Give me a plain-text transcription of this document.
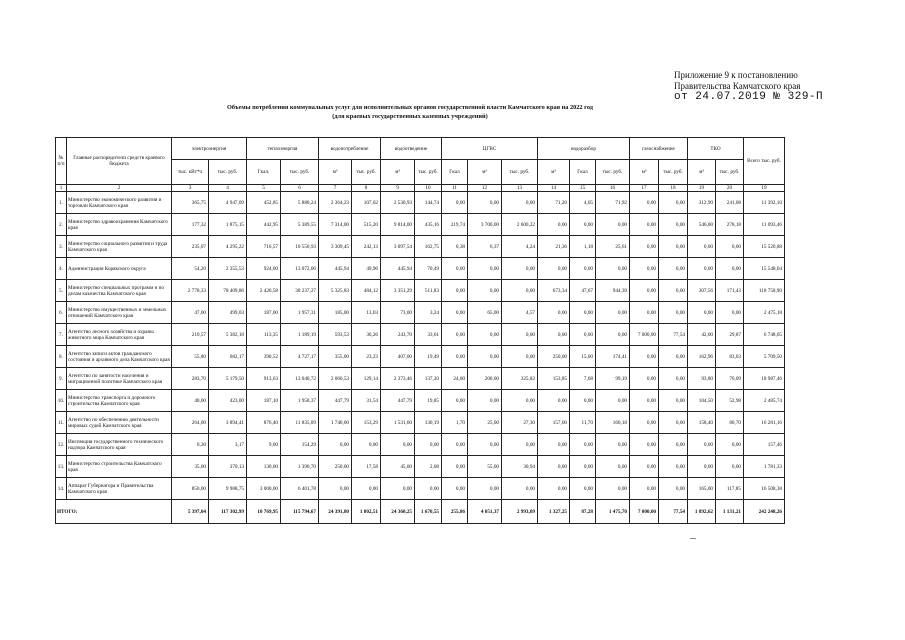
Приложение 9 к постановлению
Правительства Камчатского края
от 24.07.2019 № 329-П
Объемы потребления коммунальных услуг для исполнительных органов государственной власти Камчатского края на 2022 год
(для краевых государственных казенных учреждений)
№ п/п	Главные распорядители средств краевого бюджета	электроэнергия		теплоэнергия		водопотребление		водоотведение		ЦГВС			водоразбор			газоснабжение		ТКО		Всего тыс. руб.
		тыс. кВт*ч	тыс. руб.	Гкал.	тыс. руб.	м³	тыс. руб.	м³	тыс. руб.	Гкал	м³	тыс. руб.	м³	Гкал	тыс. руб.	м³	тыс. руб.	м³	тыс. руб.	
1	2	3	4	5	6	7	8	9	10	11	12	13	14	15	16	17	18	19	20	19
1.	Министерство экономического развития и торговли Камчатского края	365,75	4 947,09	452,85	5 880,24	2 364,23	107,02	2 530,93	144,74	0,00	0,00	0,00	71,20	4,05	71,92	0,00	0,00	312,90	241,08	11 392,10
2.	Министерство здравоохранения Камчатского края	177,32	1 875,15	442,95	5 389,55	7 314,00	515,20	9 814,00	435,16	219,74	3 700,00	2 600,22	0,00	0,00	0,00	0,00	0,00	546,00	278,18	11 093,46
3.	Министерство социального развития и труда Камчатского края	235,07	4 295,22	716,57	10 550,93	3 309,45	242,13	3 097,54	162,75	0,38	6,37	4,24	21,36	1,18	25,61	0,00	0,00	0,00	0,00	15 520,88
4.	Администрация Корякского округа	54,20	2 355,53	924,00	13 072,06	445,94	49,96	445,94	70,49	0,00	0,00	0,00	0,00	0,00	0,00	0,00	0,00	0,00	0,00	15 548,04
5.	Министерство специальных программ и по делам казачества Камчатского края	2 778,33	78 409,86	2 426,58	38 237,27	5 325,83	484,12	3 351,29	511,83	0,00	0,00	0,00	673,34	47,67	944,39	0,00	0,00	307,56	171,43	118 758,90
6.	Министерство имущественных и земельных отношений Камчатского края	47,00	499,03	187,00	1 957,31	185,00	13,03	73,00	3,24	0,00	65,00	4,57	0,00	0,00	0,00	0,00	0,00	0,00	0,00	2 475,18
7.	Агентство лесного хозяйства и охраны животного мира Камчатского края	210,57	5 382,18	113,35	1 189,19	593,53	36,26	243,70	33,61	0,00	0,00	0,00	0,00	0,00	0,00	7 000,00	77,54	42,00	29,87	6 748,65
8.	Агентство записи актов гражданского состояния и архивного дела Камчатского края	55,80	682,17	390,52	4 727,17	355,00	23,23	407,00	19,49	0,00	0,00	0,00	250,00	15,00	174,41	0,00	0,00	162,96	83,03	5 709,50
9.	Агентство по занятости населения и миграционной политике Камчатского края	283,70	5 179,50	913,63	13 040,72	2 060,53	129,14	2 373,46	137,20	24,00	200,00	325,82	153,85	7,68	99,19	0,00	0,00	93,80	76,09	18 987,46
10.	Министерство транспорта и дорожного строительства Камчатского края	40,00	423,00	187,10	1 958,37	447,79	31,54	447,79	19,85	0,00	0,00	0,00	0,00	0,00	0,00	0,00	0,00	104,50	52,98	2 485,74
11.	Агентство по обеспечению деятельности мировых судей Камчатского края	264,00	3 894,41	876,40	11 835,09	1 740,00	153,29	1 531,60	130,19	1,70	25,00	27,30	157,00	11,70	160,18	0,00	0,00	158,40	80,70	16 281,16
12.	Инспекция государственного технического надзора Камчатского края	0,30	3,17	9,00	154,29	0,00	0,00	0,00	0,00	0,00	0,00	0,00	0,00	0,00	0,00	0,00	0,00	0,00	0,00	157,46
13.	Министерство строительства Камчатского края	35,00	370,13	130,00	1 390,70	250,00	17,58	45,00	2,08	0,00	55,00	30,94	0,00	0,00	0,00	0,00	0,00	0,00	0,00	1 781,33
14.	Аппарат Губернатора и Правительства Камчатского края	850,00	9 988,75	3 000,00	6 401,78	0,00	0,00	0,00	0,00	0,00	0,00	0,00	0,00	0,00	0,00	0,00	0,00	165,00	117,85	16 508,38
ИТОГО:		5 397,04	117 302,99	10 769,95	115 794,67	24 391,80	1 802,51	24 360,25	1 670,55	255,86	4 051,37	2 993,09	1 327,25	87,28	1 475,70	7 000,00	77,54	1 892,62	1 131,21	242 248,26
